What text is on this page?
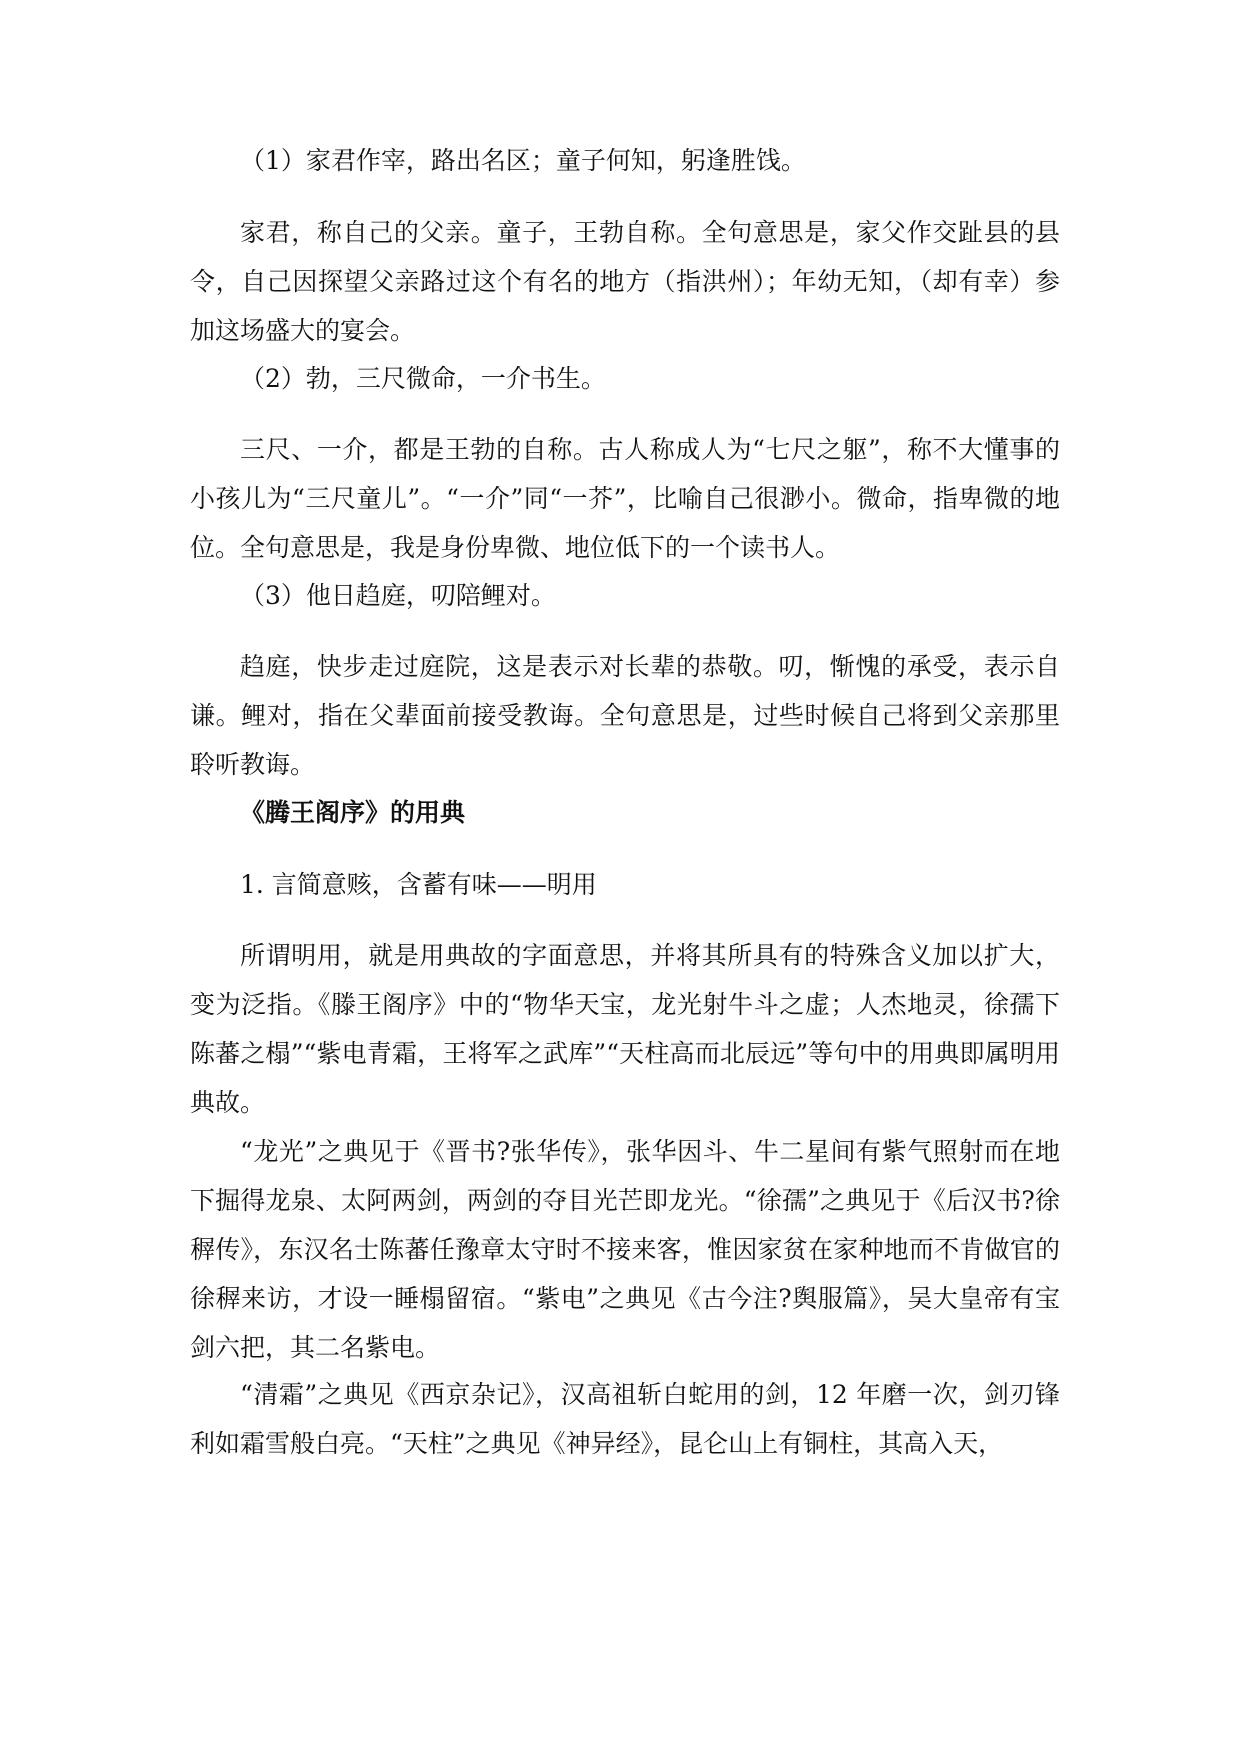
（1）家君作宰，路出名区；童子何知，躬逢胜饯。

家君，称自己的父亲。童子，王勃自称。全句意思是，家父作交趾县的县令，自己因探望父亲路过这个有名的地方（指洪州）；年幼无知，（却有幸）参加这场盛大的宴会。

（2）勃，三尺微命，一介书生。

三尺、一介，都是王勃的自称。古人称成人为“七尺之躯”，称不大懂事的小孩儿为“三尺童儿”。“一介”同“一芥”，比喻自己很渺小。微命，指卑微的地位。全句意思是，我是身份卑微、地位低下的一个读书人。

（3）他日趋庭，叨陪鲤对。

趋庭，快步走过庭院，这是表示对长辈的恭敬。叨，惭愧的承受，表示自谦。鲤对，指在父辈面前接受教诲。全句意思是，过些时候自己将到父亲那里聆听教诲。

《腾王阁序》的用典

1. 言简意赅，含蓄有味——明用

所谓明用，就是用典故的字面意思，并将其所具有的特殊含义加以扩大，变为泛指。《滕王阁序》中的“物华天宝，龙光射牛斗之虚；人杰地灵，徐孺下陈蕃之榻”“紫电青霜，王将军之武库”“天柱高而北辰远”等句中的用典即属明用典故。

“龙光”之典见于《晋书?张华传》，张华因斗、牛二星间有紫气照射而在地下掘得龙泉、太阿两剑，两剑的夺目光芒即龙光。“徐孺”之典见于《后汉书?徐稺传》，东汉名士陈蕃任豫章太守时不接来客，惟因家贫在家种地而不肯做官的徐稺来访，才设一睡榻留宿。“紫电”之典见《古今注?舆服篇》，吴大皇帝有宝剑六把，其二名紫电。

“清霜”之典见《西京杂记》，汉高祖斩白蛇用的剑，12 年磨一次，剑刃锋利如霜雪般白亮。“天柱”之典见《神异经》，昆仑山上有铜柱，其高入天，
